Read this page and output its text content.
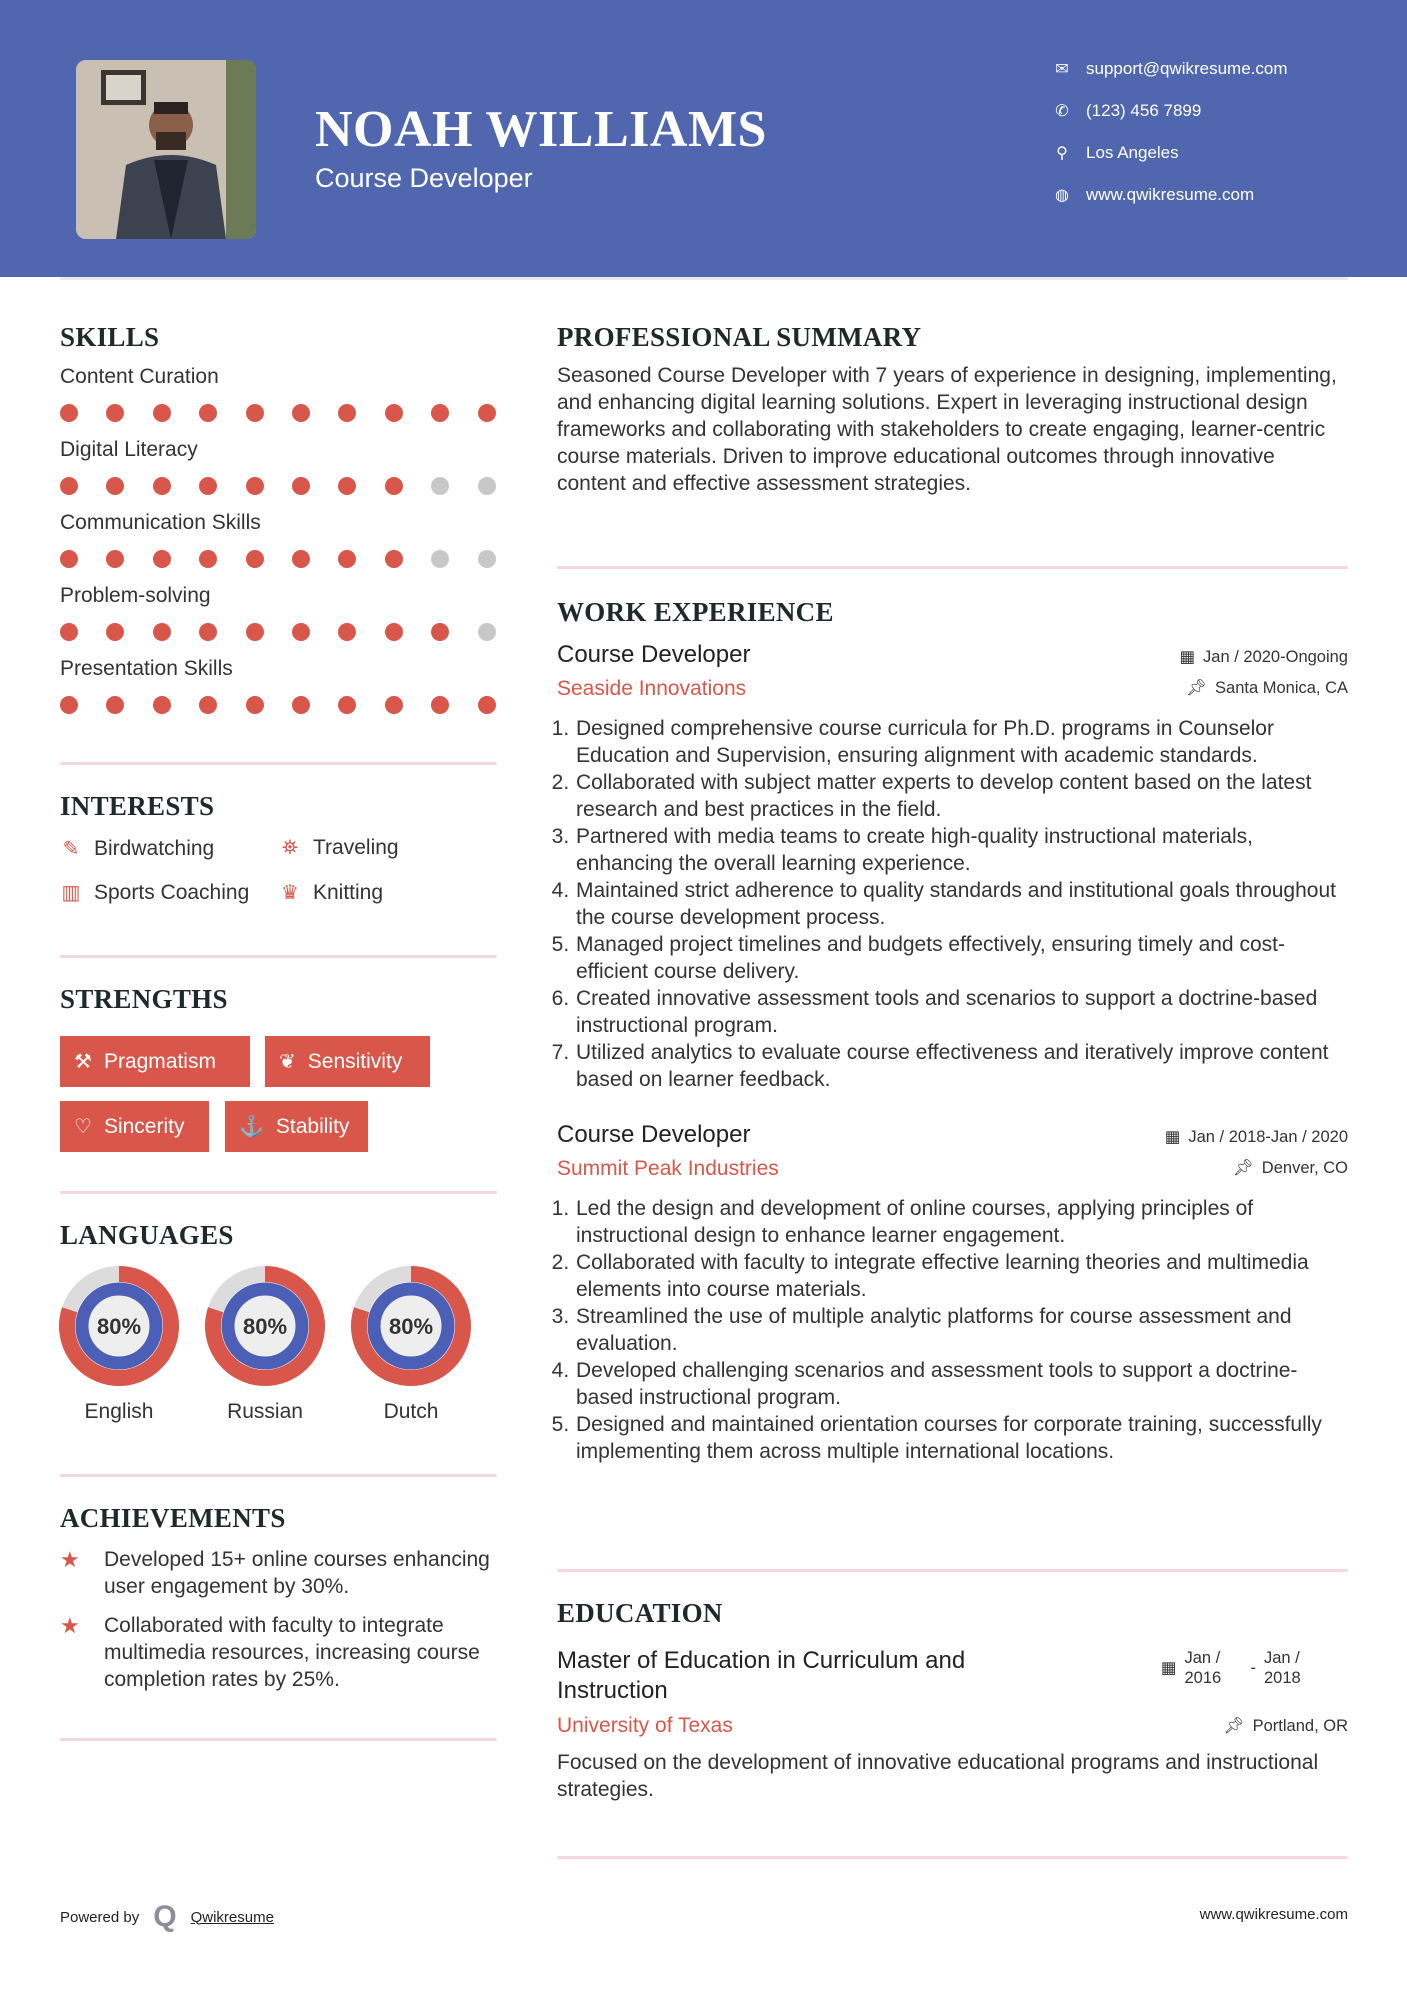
NOAH WILLIAMS
Course Developer
✉ support@qwikresume.com
✆ (123) 456 7899
⚲ Los Angeles
◍ www.qwikresume.com
SKILLS
Content Curation
Digital Literacy
Communication Skills
Problem-solving
Presentation Skills
INTERESTS
✎ Birdwatching	⛯ Traveling
▥ Sports Coaching ♛ Knitting
STRENGTHS
⚒ Pragmatism	❦ Sensitivity
♡ Sincerity	⚓ Stability
LANGUAGES
80%
English
80%
Russian
80%
Dutch
ACHIEVEMENTS
★	Developed 15+ online courses enhancing user engagement by 30%.
★	Collaborated with faculty to integrate multimedia resources, increasing course completion rates by 25%.
PROFESSIONAL SUMMARY

Seasoned Course Developer with 7 years of experience in designing, implementing, and enhancing digital learning solutions. Expert in leveraging instructional design frameworks and collaborating with stakeholders to create engaging, learner-centric course materials. Driven to improve educational outcomes through innovative content and effective assessment strategies.

WORK EXPERIENCE
Course Developer
Seaside Innovations
▦ Jan / 2020-Ongoing
📌︎ Santa Monica, CA
1. Designed comprehensive course curricula for Ph.D. programs in Counselor Education and Supervision, ensuring alignment with academic standards.
2. Collaborated with subject matter experts to develop content based on the latest research and best practices in the field.
3. Partnered with media teams to create high-quality instructional materials, enhancing the overall learning experience.
4. Maintained strict adherence to quality standards and institutional goals throughout the course development process.
5. Managed project timelines and budgets effectively, ensuring timely and cost-efficient course delivery.
6. Created innovative assessment tools and scenarios to support a doctrine-based instructional program.
7. Utilized analytics to evaluate course effectiveness and iteratively improve content based on learner feedback.
Course Developer
Summit Peak Industries
▦ Jan / 2018-Jan / 2020
📌︎ Denver, CO
1. Led the design and development of online courses, applying principles of instructional design to enhance learner engagement.
2. Collaborated with faculty to integrate effective learning theories and multimedia elements into course materials.
3. Streamlined the use of multiple analytic platforms for course assessment and evaluation.
4. Developed challenging scenarios and assessment tools to support a doctrine-based instructional program.
5. Designed and maintained orientation courses for corporate training, successfully implementing them across multiple international locations.
EDUCATION
Master of Education in Curriculum and Instruction
▦
Jan / 2016
-
Jan / 2018
University of Texas	📌︎ Portland, OR

Focused on the development of innovative educational programs and instructional strategies.

Powered by Q Qwikresume	www.qwikresume.com
